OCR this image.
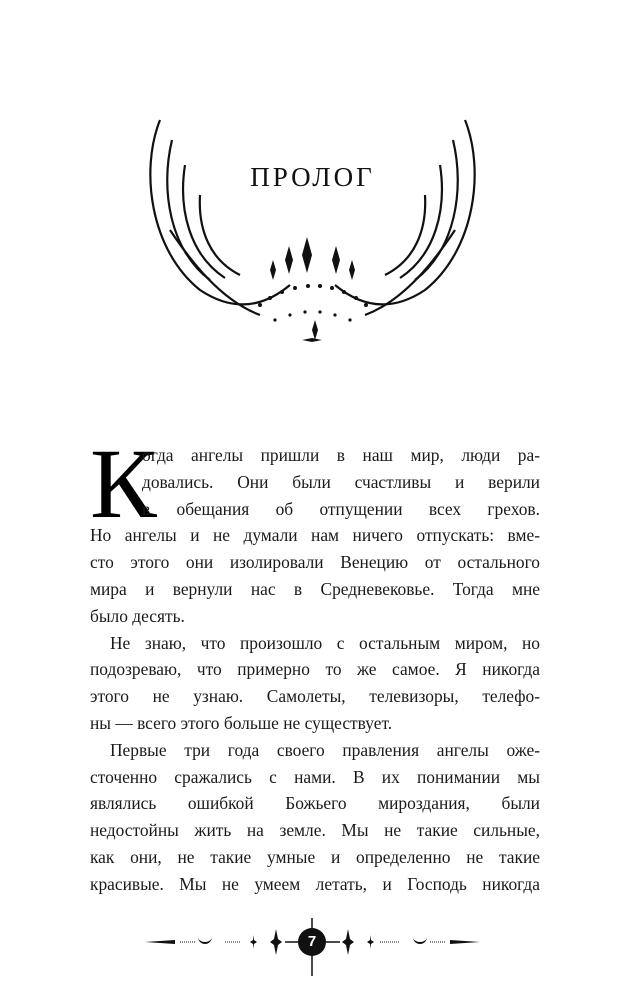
ПРОЛОГ
К
огда ангелы пришли в наш мир, люди ра-
довались. Они были счастливы и верили
в обещания об отпущении всех грехов.
Но ангелы и не думали нам ничего отпускать: вме-
сто этого они изолировали Венецию от остального
мира и вернули нас в Средневековье. Тогда мне
было десять.
Не знаю, что произошло с остальным миром, но
подозреваю, что примерно то же самое. Я никогда
этого не узнаю. Самолеты, телевизоры, телефо-
ны — всего этого больше не существует.
Первые три года своего правления ангелы оже-
сточенно сражались с нами. В их понимании мы
являлись ошибкой Божьего мироздания, были
недостойны жить на земле. Мы не такие сильные,
как они, не такие умные и определенно не такие
красивые. Мы не умеем летать, и Господь никогда
7
